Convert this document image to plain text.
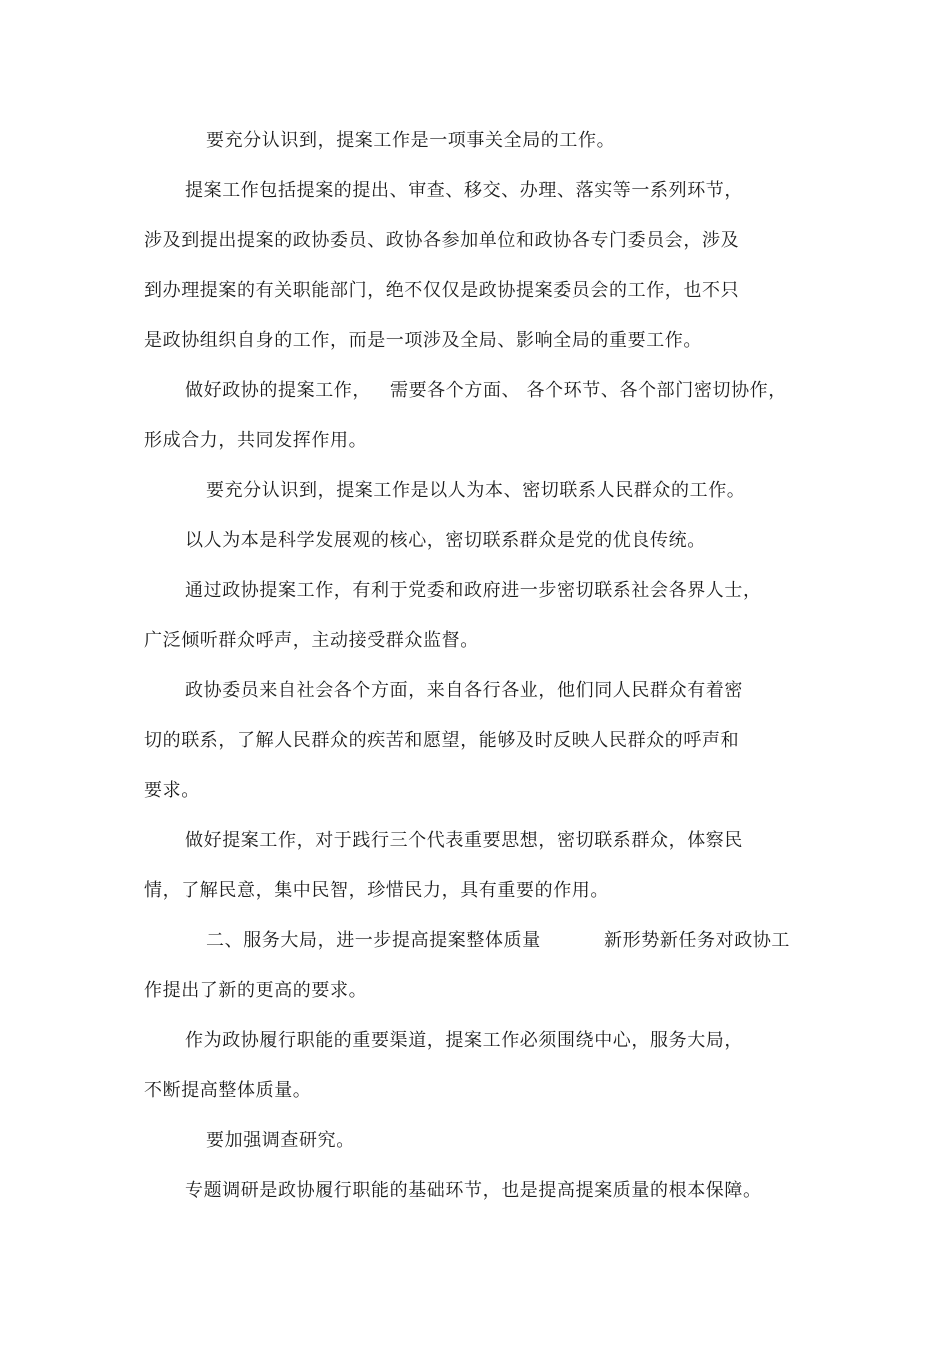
要充分认识到，提案工作是一项事关全局的工作。
提案工作包括提案的提出、审查、移交、办理、落实等一系列环节，
涉及到提出提案的政协委员、政协各参加单位和政协各专门委员会，涉及
到办理提案的有关职能部门，绝不仅仅是政协提案委员会的工作，也不只
是政协组织自身的工作，而是一项涉及全局、影响全局的重要工作。
做好政协的提案工作，   需要各个方面、 各个环节、各个部门密切协作，
形成合力，共同发挥作用。
要充分认识到，提案工作是以人为本、密切联系人民群众的工作。
以人为本是科学发展观的核心，密切联系群众是党的优良传统。
通过政协提案工作，有利于党委和政府进一步密切联系社会各界人士，
广泛倾听群众呼声，主动接受群众监督。
政协委员来自社会各个方面，来自各行各业，他们同人民群众有着密
切的联系，了解人民群众的疾苦和愿望，能够及时反映人民群众的呼声和
要求。
做好提案工作，对于践行三个代表重要思想，密切联系群众，体察民
情，了解民意，集中民智，珍惜民力，具有重要的作用。
二、服务大局，进一步提高提案整体质量          新形势新任务对政协工
作提出了新的更高的要求。
作为政协履行职能的重要渠道，提案工作必须围绕中心，服务大局，
不断提高整体质量。
要加强调查研究。
专题调研是政协履行职能的基础环节，也是提高提案质量的根本保障。
